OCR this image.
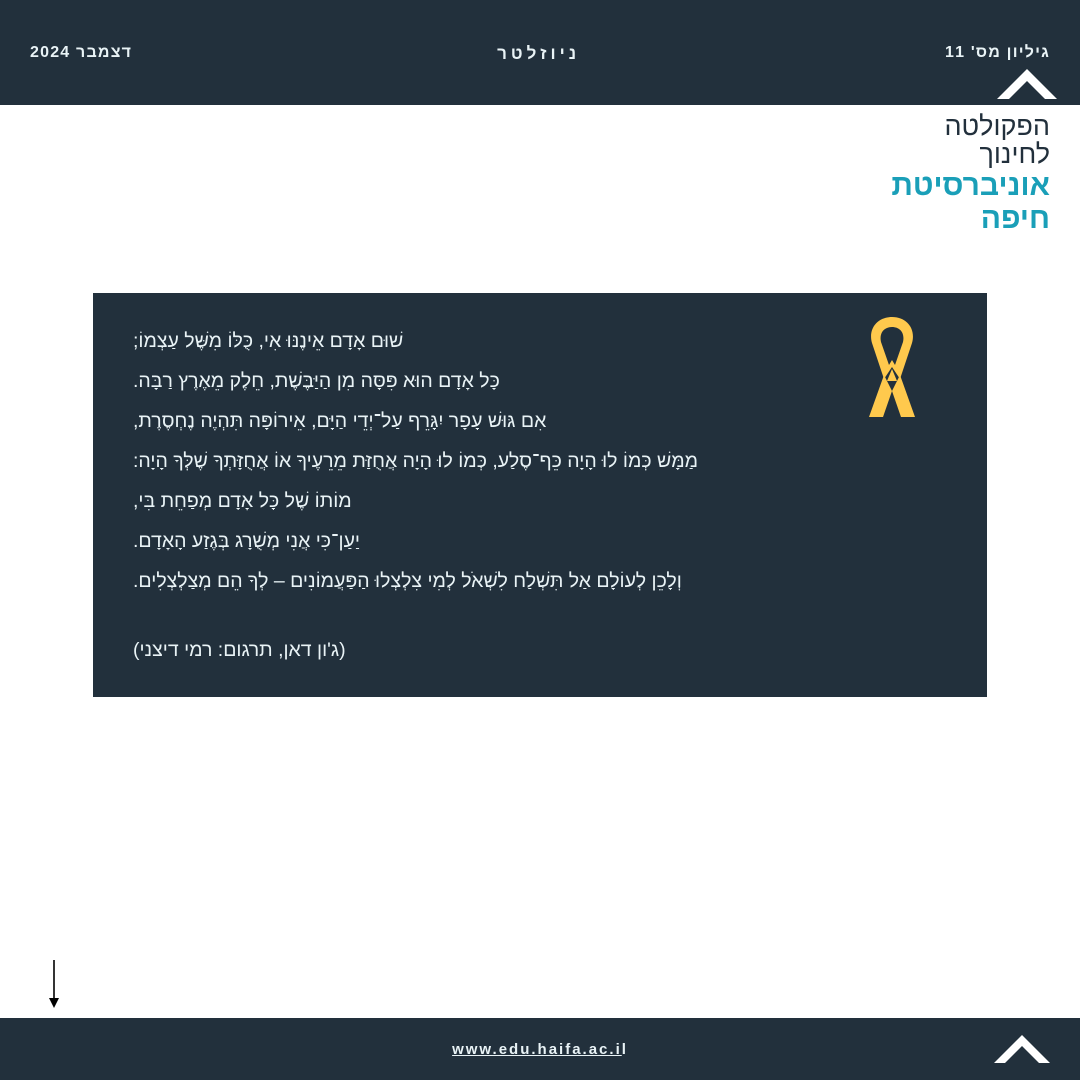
גיליון מס' 11
ניוזלטר
דצמבר 2024
הפקולטה
לחינוך
אוניברסיטת
חיפה
שׁוּם אָדָם אֵינֶנּוּ אִי, כֻּלּוֹ מִשֶּׁל עַצְמוֹ;
כָּל אָדָם הוּא פִּסָּה מִן הַיַּבֶּשֶׁת, חֵלֶק מֵאֶרֶץ רַבָּה.
אִם גּוּשׁ עָפָר יִגָּרֵף עַל־יְדֵי הַיָּם, אֵירוֹפָּה תִּהְיֶה נֶחְסֶרֶת,
מַמָּשׁ כְּמוֹ לוּ הָיָה כֵּף־סֶלַע, כְּמוֹ לוּ הָיָה אֲחֻזַּת מֵרֵעֶיךָ אוֹ אֲחֻזָּתְךָ שֶׁלְּךָ הָיָה:
מוֹתוֹ שֶׁל כָּל אָדָם מְפַחֵת בִּי,
יַעַן־כִּי אֲנִי מְשֻׁרָג בְּגֶזַע הָאָדָם.
וְלָכֵן לְעוֹלָם אַל תִּשְׁלַח לִשְׁאֹל לְמִי צִלְצְלוּ הַפַּעֲמוֹנִים – לְךָ הֵם מְצַלְצְלִים.
(ג'ון דאן, תרגום: רמי דיצני)
www.edu.haifa.ac.il
